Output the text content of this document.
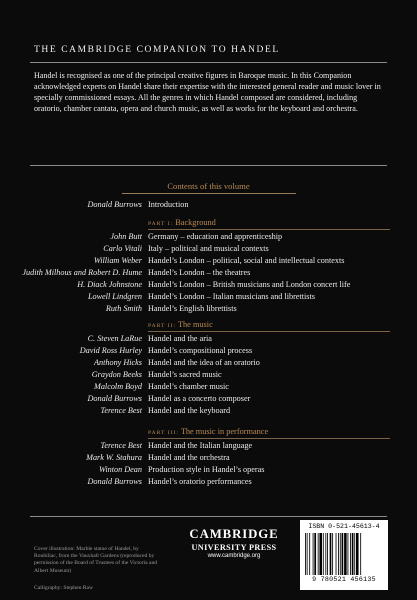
THE CAMBRIDGE COMPANION TO HANDEL

Handel is recognised as one of the principal creative figures in Baroque music. In this Companion acknowledged experts on Handel share their expertise with the interested general reader and music lover in specially commissioned essays. All the genres in which Handel composed are considered, including oratorio, chamber cantata, opera and church music, as well as works for the keyboard and orchestra.

Contents of this volume
Donald Burrows Introduction
PART I: Background
John Butt Germany – education and apprenticeship
Carlo Vitali Italy – political and musical contexts
William Weber Handel’s London – political, social and intellectual contexts
Judith Milhous and Robert D. Hume Handel’s London – the theatres
H. Diack Johnstone Handel’s London – British musicians and London concert life
Lowell Lindgren Handel’s London – Italian musicians and librettists
Ruth Smith Handel’s English librettists
PART II: The music
C. Steven LaRue Handel and the aria
David Ross Hurley Handel’s compositional process
Anthony Hicks Handel and the idea of an oratorio
Graydon Beeks Handel’s sacred music
Malcolm Boyd Handel’s chamber music
Donald Burrows Handel as a concerto composer
Terence Best Handel and the keyboard
PART III: The music in performance
Terence Best Handel and the Italian language
Mark W. Stahura Handel and the orchestra
Winton Dean Production style in Handel’s operas
Donald Burrows Handel’s oratorio performances
Cover illustration: Marble statue of Handel, by Roubiliac, from the Vauxhall Gardens (reproduced by permission of the Board of Trustees of the Victoria and Albert Museum)
Calligraphy: Stephen Raw
CAMBRIDGE
UNIVERSITY PRESS
www.cambridge.org
ISBN 0-521-45613-4
9 780521 456135
